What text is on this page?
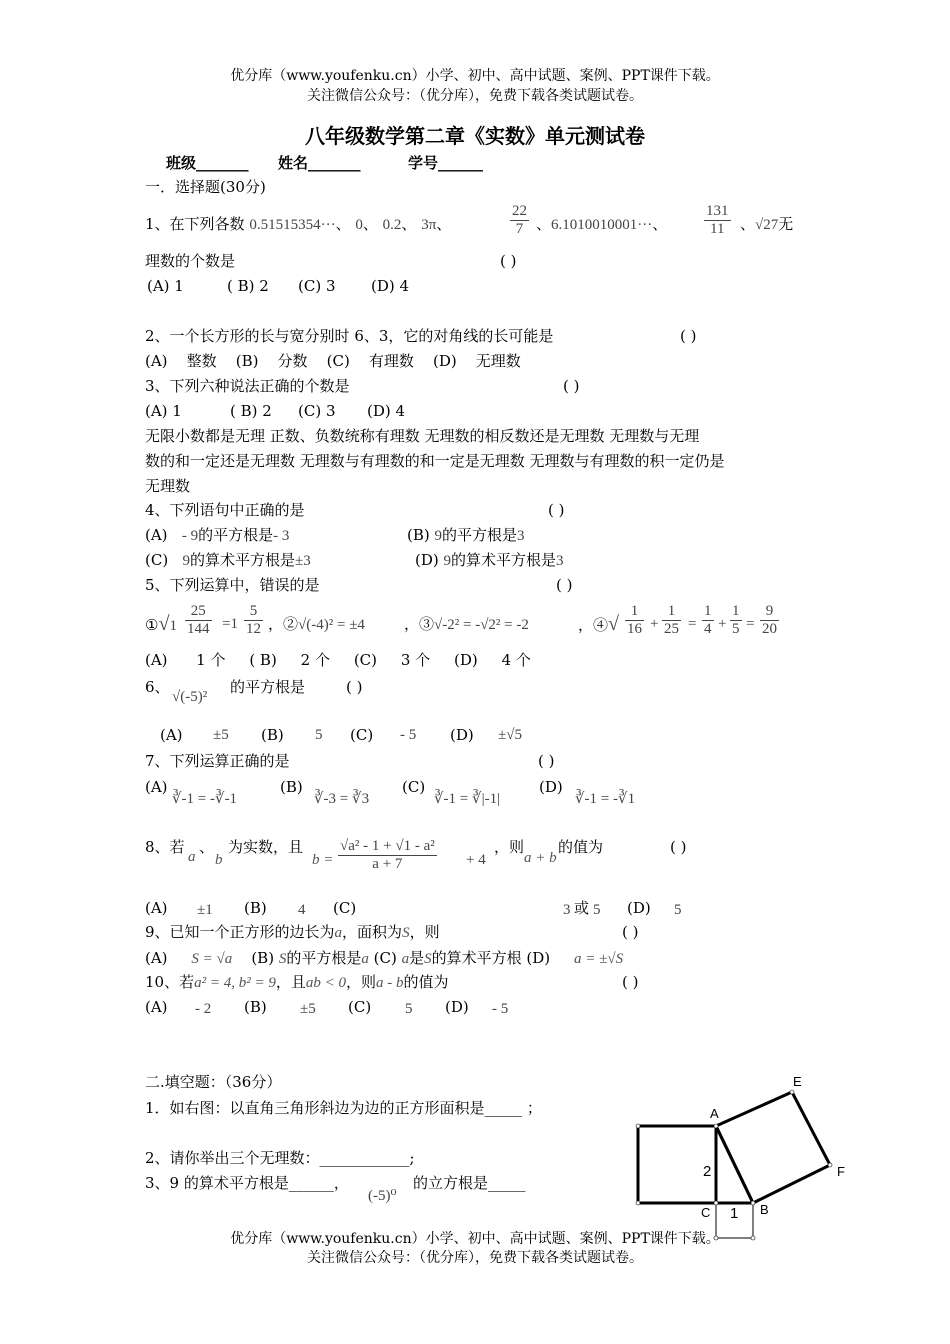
优分库（www.youfenku.cn）小学、初中、高中试题、案例、PPT课件下载。
关注微信公众号：（优分库），免费下载各类试题试卷。
八年级数学第二章《实数》单元测试卷
班级_______ 姓名_______	学号______
一．选择题(30分)
1、在下列各数 0.51515354···、 0、 0.2、 3π、	$\frac{22}{7}$ 、6.1010010001···、 $\frac{131}{11}$ 、√27无
理数的个数是	( )
(A) 1	( B) 2 (C) 3 (D) 4
2、一个长方形的长与宽分别时 6、3，它的对角线的长可能是	( )
(A) 整数 (B) 分数 (C) 有理数 (D) 无理数
3、下列六种说法正确的个数是	( )
(A) 1	( B) 2 (C) 3 (D) 4
无限小数都是无理 正数、负数统称有理数 无理数的相反数还是无理数 无理数与无理
数的和一定还是无理数 无理数与有理数的和一定是无理数 无理数与有理数的积一定仍是
无理数
4、下列语句中正确的是	( )
(A) - 9的平方根是- 3	(B) 9的平方根是3
(C) 9的算术平方根是±3	(D) 9的算术平方根是3
5、下列运算中，错误的是	( )
①√1 $\frac{25}{144} =1 \frac{5}{12}$ ，②√(-4)² = ±4	，③√-2² = -√2² = -2	，④√ $\frac{1}{16} + \frac{1}{25} = \frac{1}{4} + \frac{1}{5} = \frac{9}{20}$
(A) 1 个 ( B) 2 个 (C) 3 个 (D) 4 个
6、
√(-5)²
的平方根是	( )
(A) ±5 (B) 5 (C) - 5 (D) ±√5
7、下列运算正确的是	( )
(A)
∛-1 = -∛-1
(B)
∛-3 = ∛3
(C)
∛-1 = ∛|-1|
(D)
∛-1 = -∛1
8、若
a
、
b
为实数，且
$b = \frac{\text{√a² - 1 + √1 - a²}}{a + 7} + 4$
，则
a + b
的值为	( )
(A) ±1 (B) 4 (C)	3 或 5 (D) 5
9、已知一个正方形的边长为a，面积为S，则	( )
(A) S = √a (B) S的平方根是a (C) a是S的算术平方根 (D) a = ±√S
10、若a² = 4, b² = 9，且ab < 0，则a - b的值为	( )
(A) - 2 (B) ±5 (C) 5 (D) - 5
二.填空题：（36分）
1．如右图：以直角三角形斜边为边的正方形面积是_____ ；
2、请你举出三个无理数：____________;
3、9 的算术平方根是______，
(-5)⁰
的立方根是_____
A
E
F
B
C
2
1
优分库（www.youfenku.cn）小学、初中、高中试题、案例、PPT课件下载。
关注微信公众号：（优分库），免费下载各类试题试卷。
